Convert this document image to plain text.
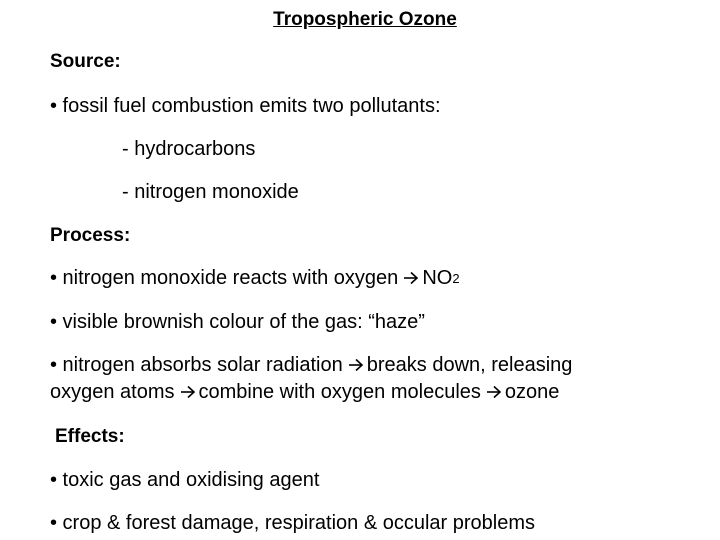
Tropospheric Ozone
Source:
• fossil fuel combustion emits two pollutants:
- hydrocarbons
- nitrogen monoxide
Process:
• nitrogen monoxide reacts with oxygen $NO_2$
• visible brownish colour of the gas: “haze”
• nitrogen absorbs solar radiation breaks down, releasing
oxygen atoms combine with oxygen molecules ozone
Effects:
• toxic gas and oxidising agent
• crop & forest damage, respiration & occular problems
